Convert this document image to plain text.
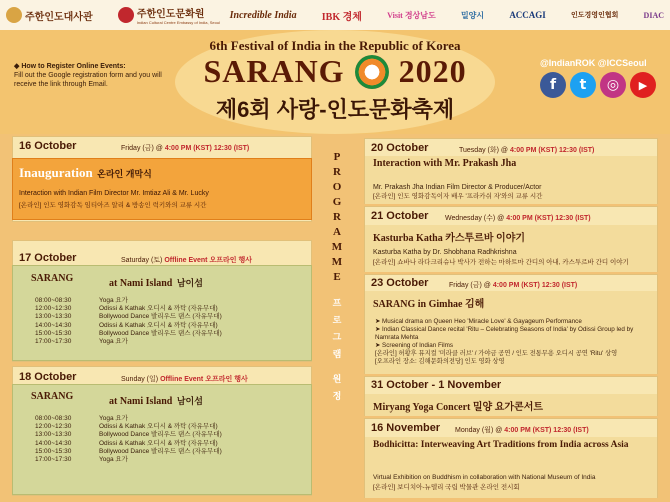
주한인도대사관	주한인도문화원
Indian Cultural Centre Embassy of India, Seoul
Incredible India	IBK 경체	Visit 경상남도	밀양시	ACCAGI	인도경영인협회	DIAC
6th Festival of India in the Republic of Korea
SARANG 2020
제6회 사랑-인도문화축제
◆ How to Register Online Events:
Fill out the Google registration form and you will receive the link through Email.
@IndianROK @ICCSeoul
f	t	◎	▶
16 October	Friday (금) @ 4:00 PM (KST) 12:30 (IST)
Inauguration 온라인 개막식
Interaction with Indian Film Director Mr. Imtiaz Ali & Mr. Lucky
[온라인] 인도 영화감독 임티아즈 알리 & 방송인 럭키와의 교류 시간
17 October	Saturday (토) Offline Event 오프라인 행사
SARANG	at Nami Island 남이섬
08:00~08:30	Yoga 요가
12:00~12:30	Odissi & Kathak 오디시 & 까탁 (자유무대)
13:00~13:30	Bollywood Dance 발리우드 댄스 (자유무대)
14:00~14:30	Odissi & Kathak 오디시 & 까탁 (자유무대)
15:00~15:30	Bollywood Dance 발리우드 댄스 (자유무대)
17:00~17:30	Yoga 요가
18 October	Sunday (일) Offline Event 오프라인 행사
SARANG	at Nami Island 남이섬
08:00~08:30	Yoga 요가
12:00~12:30	Odissi & Kathak 오디시 & 까탁 (자유무대)
13:00~13:30	Bollywood Dance 발리우드 댄스 (자유무대)
14:00~14:30	Odissi & Kathak 오디시 & 까탁 (자유무대)
15:00~15:30	Bollywood Dance 발리우드 댄스 (자유무대)
17:00~17:30	Yoga 요가
P
R
O
G
R
A
M
M
E
프
로
그
램
원
정
20 October	Tuesday (화) @ 4:00 PM (KST) 12:30 (IST)
Interaction with Mr. Prakash Jha
Mr. Prakash Jha Indian Film Director & Producer/Actor
[온라인] 인도 영화감독이자 배우 '프라카쉬 자'와의 교류 시간
21 October Wednesday (수) @ 4:00 PM (KST) 12:30 (IST)
Kasturba Katha 카스투르바 이야기
Kasturba Katha by Dr. Shobhana Radhkrishna
[온라인] 쇼바나 라다크리슈나 박사가 전하는 마하트마 간디의 아내, 카스투르바 간디 이야기
23 October	Friday (금) @ 4:00 PM (KST) 12:30 (IST)
SARANG in Gimhae 김해
➤ Musical drama on Queen Heo 'Miracle Love' & Gayageum Performance
➤ Indian Classical Dance recital 'Ritu – Celebrating Seasons of India' by Odissi Group led by Namrata Mehta
➤ Screening of Indian Films
[온라인] 허황후 뮤지컬 '미라클 러브' / 가야금 공연 / 인도 전통무용 오디시 공연 'Ritu' 상영
[오프라인 장소: 김해문화의전당] 인도 영화 상영
31 October - 1 November
Miryang Yoga Concert 밀양 요가콘서트
16 November Monday (월) @ 4:00 PM (KST) 12:30 (IST)
Bodhicitta: Interweaving Art Traditions from India across Asia
Virtual Exhibition on Buddhism in collaboration with National Museum of India
[온라인] 보디치아-뉴델리 국립 박물관 온라인 전시회
